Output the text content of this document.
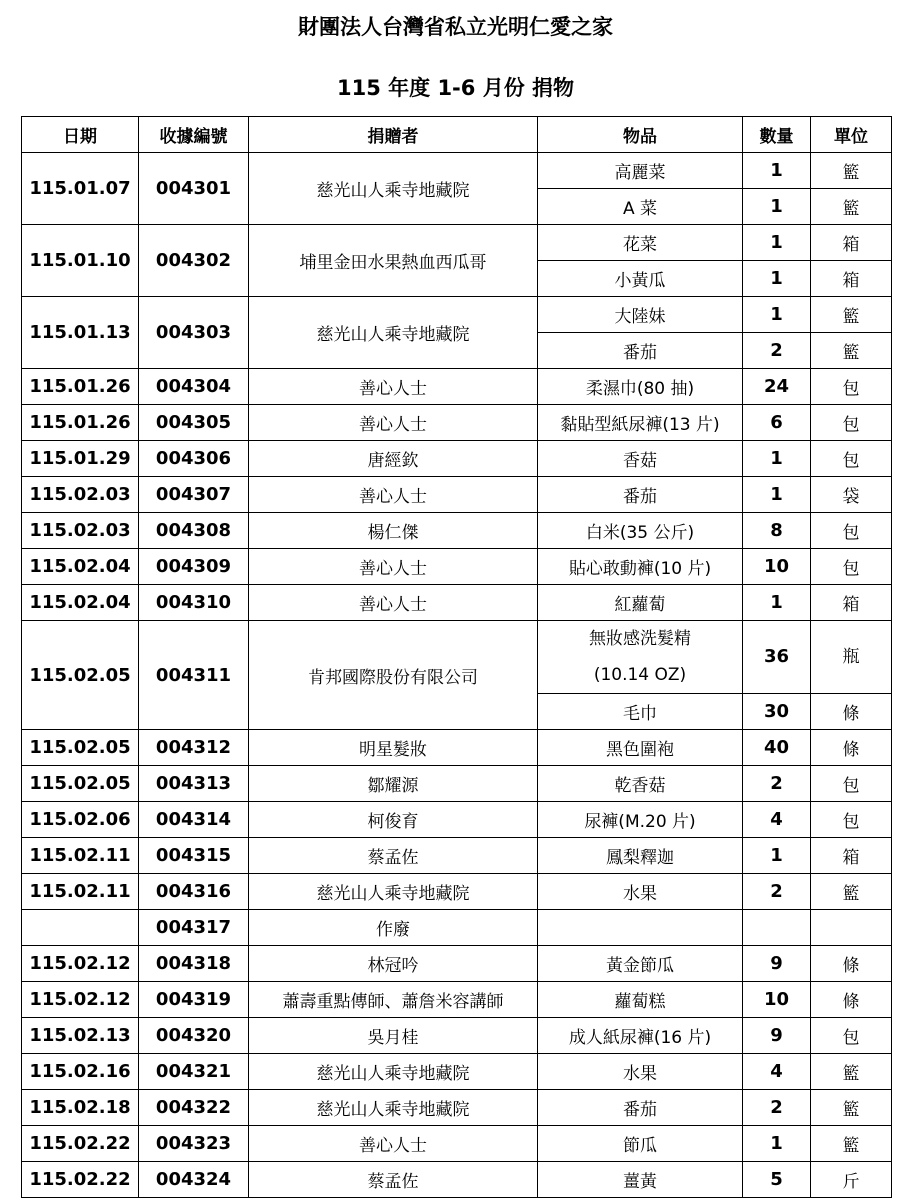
財團法人台灣省私立光明仁愛之家
115 年度 1-6 月份 捐物
日期	收據編號	捐贈者	物品	數量	單位
115.01.07	004301	慈光山人乘寺地藏院	高麗菜	1	籃
			A 菜	1	籃
115.01.10	004302	埔里金田水果熱血西瓜哥	花菜	1	箱
			小黃瓜	1	箱
115.01.13	004303	慈光山人乘寺地藏院	大陸妹	1	籃
			番茄	2	籃
115.01.26	004304	善心人士	柔濕巾(80 抽)	24	包
115.01.26	004305	善心人士	黏貼型紙尿褲(13 片)	6	包
115.01.29	004306	唐經欽	香菇	1	包
115.02.03	004307	善心人士	番茄	1	袋
115.02.03	004308	楊仁傑	白米(35 公斤)	8	包
115.02.04	004309	善心人士	貼心敢動褲(10 片)	10	包
115.02.04	004310	善心人士	紅蘿蔔	1	箱
115.02.05	004311	肯邦國際股份有限公司	無妝感洗髮精
(10.14 OZ)	36	瓶
			毛巾	30	條
115.02.05	004312	明星髮妝	黑色圍袍	40	條
115.02.05	004313	鄒耀源	乾香菇	2	包
115.02.06	004314	柯俊育	尿褲(M.20 片)	4	包
115.02.11	004315	蔡孟佐	鳳梨釋迦	1	箱
115.02.11	004316	慈光山人乘寺地藏院	水果	2	籃
	004317	作廢			
115.02.12	004318	林冠吟	黃金節瓜	9	條
115.02.12	004319	蕭壽重點傳師、蕭詹米容講師	蘿蔔糕	10	條
115.02.13	004320	吳月桂	成人紙尿褲(16 片)	9	包
115.02.16	004321	慈光山人乘寺地藏院	水果	4	籃
115.02.18	004322	慈光山人乘寺地藏院	番茄	2	籃
115.02.22	004323	善心人士	節瓜	1	籃
115.02.22	004324	蔡孟佐	薑黃	5	斤
